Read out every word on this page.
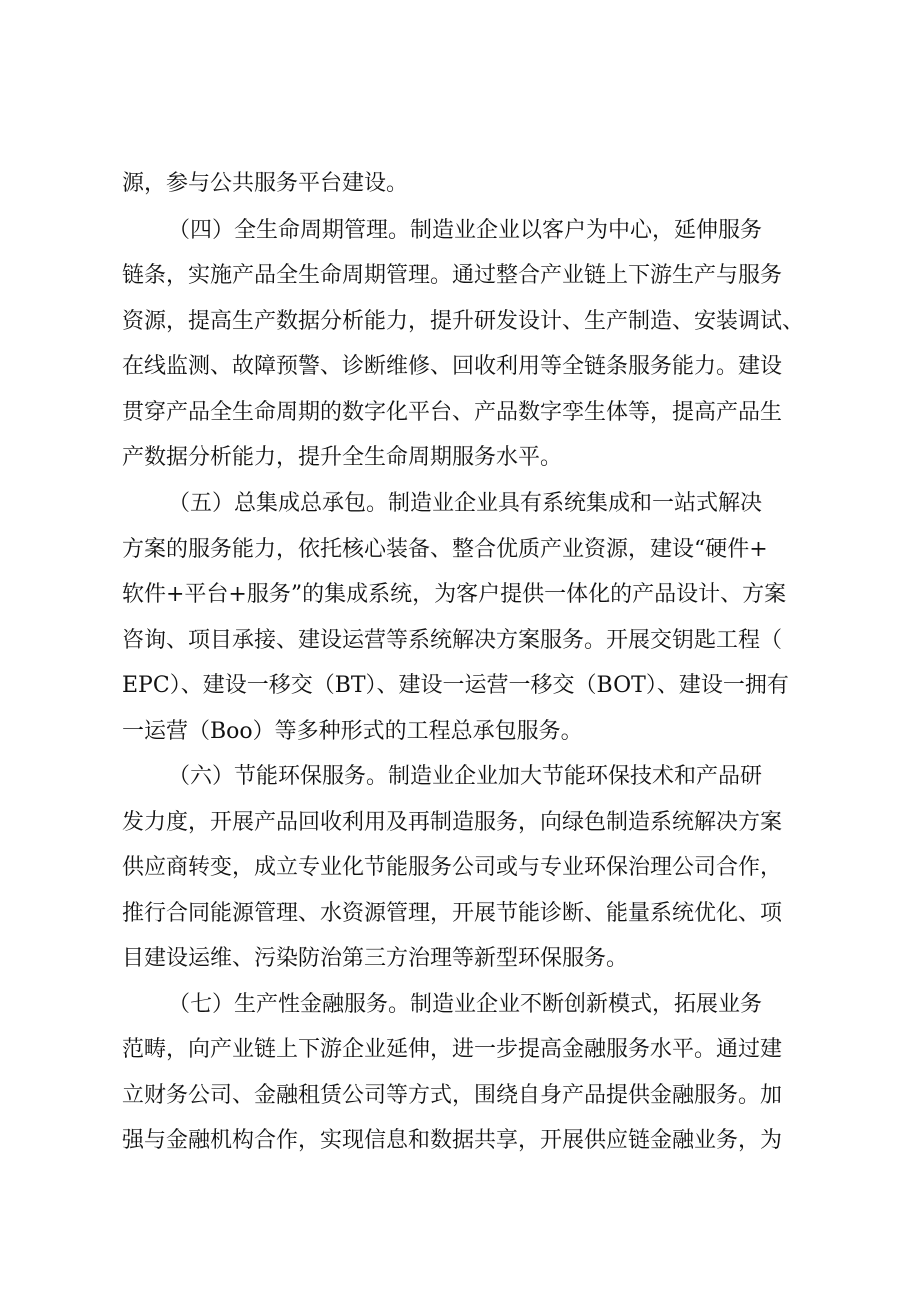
源，参与公共服务平台建设。
（四）全生命周期管理。制造业企业以客户为中心，延伸服务
链条，实施产品全生命周期管理。通过整合产业链上下游生产与服务
资源，提高生产数据分析能力，提升研发设计、生产制造、安装调试、
在线监测、故障预警、诊断维修、回收利用等全链条服务能力。建设
贯穿产品全生命周期的数字化平台、产品数字孪生体等，提高产品生
产数据分析能力，提升全生命周期服务水平。
（五）总集成总承包。制造业企业具有系统集成和一站式解决
方案的服务能力，依托核心装备、整合优质产业资源，建设“硬件+
软件+平台+服务”的集成系统，为客户提供一体化的产品设计、方案
咨询、项目承接、建设运营等系统解决方案服务。开展交钥匙工程（
EPC）、建设一移交（BT）、建设一运营一移交（BOT）、建设一拥有
一运营（Boo）等多种形式的工程总承包服务。
（六）节能环保服务。制造业企业加大节能环保技术和产品研
发力度，开展产品回收利用及再制造服务，向绿色制造系统解决方案
供应商转变，成立专业化节能服务公司或与专业环保治理公司合作，
推行合同能源管理、水资源管理，开展节能诊断、能量系统优化、项
目建设运维、污染防治第三方治理等新型环保服务。
（七）生产性金融服务。制造业企业不断创新模式，拓展业务
范畴，向产业链上下游企业延伸，进一步提高金融服务水平。通过建
立财务公司、金融租赁公司等方式，围绕自身产品提供金融服务。加
强与金融机构合作，实现信息和数据共享，开展供应链金融业务，为
